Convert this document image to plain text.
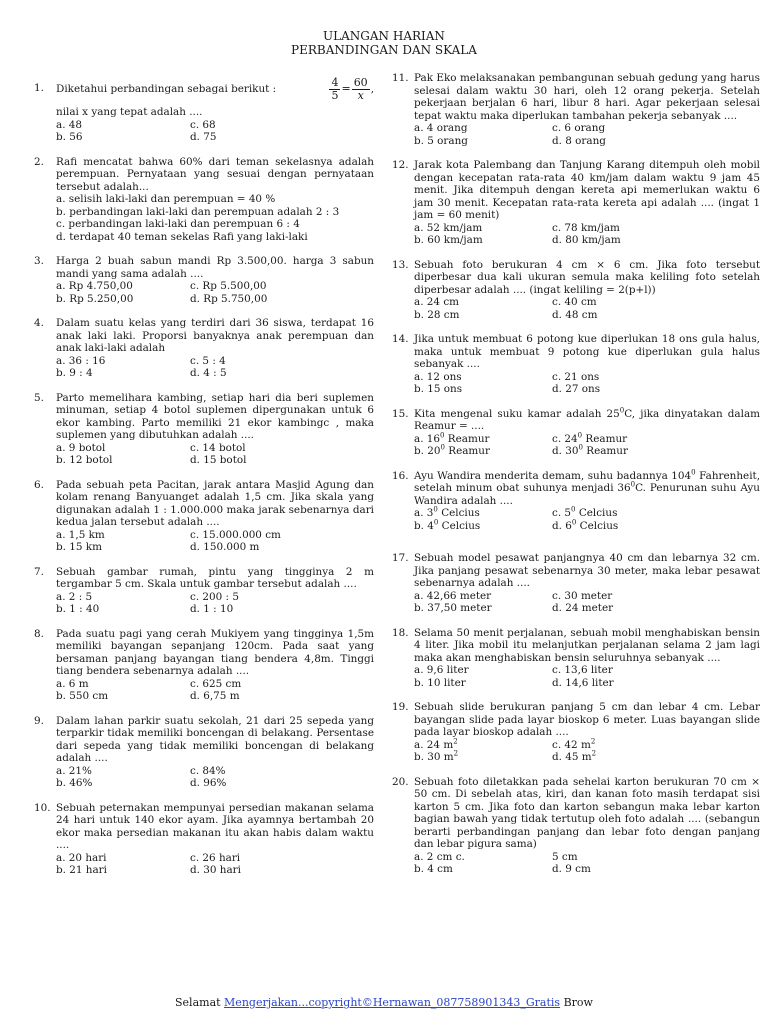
ULANGAN HARIAN
PERBANDINGAN DAN SKALA
1. Diketahui perbandingan sebagai berikut :	$\frac{4}{5} = \frac{60}{x}$ ,
nilai x yang tepat adalah ....
a. 48	c. 68
b. 56	d. 75
2. Rafi mencatat bahwa 60% dari teman sekelasnya adalah perempuan. Pernyataan yang sesuai dengan pernyataan tersebut adalah...
a. selisih laki-laki dan perempuan = 40 %
b. perbandingan laki-laki dan perempuan adalah 2 : 3
c. perbandingan laki-laki dan perempuan 6 : 4
d. terdapat 40 teman sekelas Rafi yang laki-laki
3. Harga 2 buah sabun mandi Rp 3.500,00. harga 3 sabun mandi yang sama adalah ....
a. Rp 4.750,00	c. Rp 5.500,00
b. Rp 5.250,00	d. Rp 5.750,00
4. Dalam suatu kelas yang terdiri dari 36 siswa, terdapat 16 anak laki laki. Proporsi banyaknya anak perempuan dan anak laki-laki adalah
a. 36 : 16	c. 5 : 4
b. 9 : 4	d. 4 : 5
5. Parto memelihara kambing, setiap hari dia beri suplemen minuman, setiap 4 botol suplemen dipergunakan untuk 6 ekor kambing. Parto memiliki 21 ekor kambingc , maka suplemen yang dibutuhkan adalah ....
a. 9 botol	c. 14 botol
b. 12 botol	d. 15 botol
6. Pada sebuah peta Pacitan, jarak antara Masjid Agung dan kolam renang Banyuanget adalah 1,5 cm. Jika skala yang digunakan adalah 1 : 1.000.000 maka jarak sebenarnya dari kedua jalan tersebut adalah ....
a. 1,5 km	c. 15.000.000 cm
b. 15 km	d. 150.000 m
7. Sebuah gambar rumah, pintu yang tingginya 2 m tergambar 5 cm. Skala untuk gambar tersebut adalah ....
a. 2 : 5	c. 200 : 5
b. 1 : 40	d. 1 : 10
8. Pada suatu pagi yang cerah Mukiyem yang tingginya 1,5m memiliki bayangan sepanjang 120cm. Pada saat yang bersaman panjang bayangan tiang bendera 4,8m. Tinggi tiang bendera sebenarnya adalah ....
a. 6 m	c. 625 cm
b. 550 cm	d. 6,75 m
9. Dalam lahan parkir suatu sekolah, 21 dari 25 sepeda yang terparkir tidak memiliki boncengan di belakang. Persentase dari sepeda yang tidak memiliki boncengan di belakang adalah ....
a. 21%	c. 84%
b. 46%	d. 96%
10. Sebuah peternakan mempunyai persedian makanan selama 24 hari untuk 140 ekor ayam. Jika ayamnya bertambah 20 ekor maka persedian makanan itu akan habis dalam waktu ....
a. 20 hari	c. 26 hari
b. 21 hari	d. 30 hari
11. Pak Eko melaksanakan pembangunan sebuah gedung yang harus selesai dalam waktu 30 hari, oleh 12 orang pekerja. Setelah pekerjaan berjalan 6 hari, libur 8 hari. Agar pekerjaan selesai tepat waktu maka diperlukan tambahan pekerja sebanyak ....
a. 4 orang	c. 6 orang
b. 5 orang	d. 8 orang
12. Jarak kota Palembang dan Tanjung Karang ditempuh oleh mobil dengan kecepatan rata-rata 40 km/jam dalam waktu 9 jam 45 menit. Jika ditempuh dengan kereta api memerlukan waktu 6 jam 30 menit. Kecepatan rata-rata kereta api adalah .... (ingat 1 jam = 60 menit)
a. 52 km/jam	c. 78 km/jam
b. 60 km/jam	d. 80 km/jam
13. Sebuah foto berukuran 4 cm × 6 cm. Jika foto tersebut diperbesar dua kali ukuran semula maka keliling foto setelah diperbesar adalah .... (ingat keliling = 2(p+l))
a. 24 cm	c. 40 cm
b. 28 cm	d. 48 cm
14. Jika untuk membuat 6 potong kue diperlukan 18 ons gula halus, maka untuk membuat 9 potong kue diperlukan gula halus sebanyak ....
a. 12 ons	c. 21 ons
b. 15 ons	d. 27 ons
15. Kita mengenal suku kamar adalah $25^0C$, jika dinyatakan dalam Reamur = ....
a. $16^0$ Reamur	c. $24^0$ Reamur
b. $20^0$ Reamur	d. $30^0$ Reamur
16. Ayu Wandira menderita demam, suhu badannya $104^0$ Fahrenheit, setelah minum obat suhunya menjadi $36^0C$. Penurunan suhu Ayu Wandira adalah ....
a. $3^0$ Celcius	c. $5^0$ Celcius
b. $4^0$ Celcius	d. $6^0$ Celcius
17. Sebuah model pesawat panjangnya 40 cm dan lebarnya 32 cm. Jika panjang pesawat sebenarnya 30 meter, maka lebar pesawat sebenarnya adalah ....
a. 42,66 meter	c. 30 meter
b. 37,50 meter	d. 24 meter
18. Selama 50 menit perjalanan, sebuah mobil menghabiskan bensin 4 liter. Jika mobil itu melanjutkan perjalanan selama 2 jam lagi maka akan menghabiskan bensin seluruhnya sebanyak ....
a. 9,6 liter	c. 13,6 liter
b. 10 liter	d. 14,6 liter
19. Sebuah slide berukuran panjang 5 cm dan lebar 4 cm. Lebar bayangan slide pada layar bioskop 6 meter. Luas bayangan slide pada layar bioskop adalah ....
a. 24 $m^2$	c. 42 $m^2$
b. 30 $m^2$	d. 45 $m^2$
20. Sebuah foto diletakkan pada sehelai karton berukuran 70 cm × 50 cm. Di sebelah atas, kiri, dan kanan foto masih terdapat sisi karton 5 cm. Jika foto dan karton sebangun maka lebar karton bagian bawah yang tidak tertutup oleh foto adalah .... (sebangun berarti perbandingan panjang dan lebar foto dengan panjang dan lebar pigura sama)
a. 2 cm c.	5 cm
b. 4 cm	d. 9 cm
Selamat Mengerjakan...copyright©Hernawan_087758901343_Gratis Brow
